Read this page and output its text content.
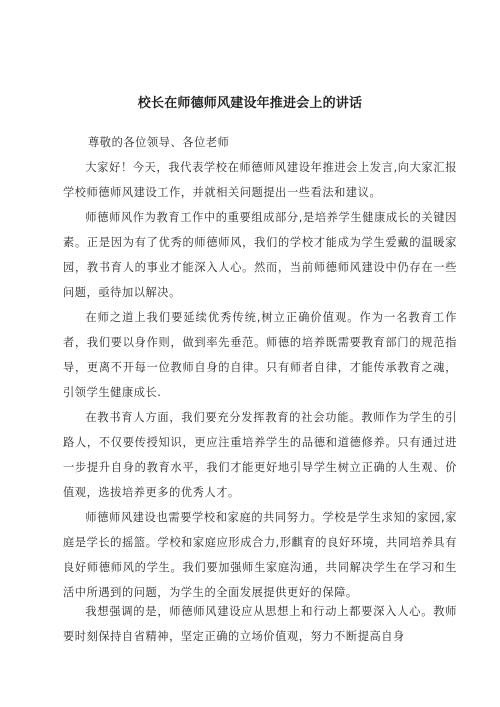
校长在师德师风建设年推进会上的讲话
尊敬的各位领导、各位老师

大家好！今天，我代表学校在师德师风建设年推进会上发言,向大家汇报学校师德师风建设工作，并就相关问题提出一些看法和建议。

师德师风作为教育工作中的重要组成部分,是培养学生健康成长的关键因素。正是因为有了优秀的师德师风，我们的学校才能成为学生爱戴的温暖家园，教书育人的事业才能深入人心。然而，当前师德师风建设中仍存在一些问题，亟待加以解决。

在师之道上我们要延续优秀传统,树立正确价值观。作为一名教育工作者，我们要以身作则，做到率先垂范。师德的培养既需要教育部门的规范指导，更离不开每一位教师自身的自律。只有师者自律，才能传承教育之魂，引领学生健康成长.

在教书育人方面，我们要充分发挥教育的社会功能。教师作为学生的引路人，不仅要传授知识，更应注重培养学生的品德和道德修养。只有通过进一步提升自身的教育水平，我们才能更好地引导学生树立正确的人生观、价值观，选拔培养更多的优秀人才。

师德师风建设也需要学校和家庭的共同努力。学校是学生求知的家园,家庭是学长的摇篮。学校和家庭应形成合力,形麒育的良好环境，共同培养具有良好师德师风的学生。我们要加强师生家庭沟通，共同解决学生在学习和生活中所遇到的问题，为学生的全面发展提供更好的保障。

我想强调的是，师德师风建设应从思想上和行动上都要深入人心。教师要时刻保持自省精神，坚定正确的立场价值观，努力不断提高自身
